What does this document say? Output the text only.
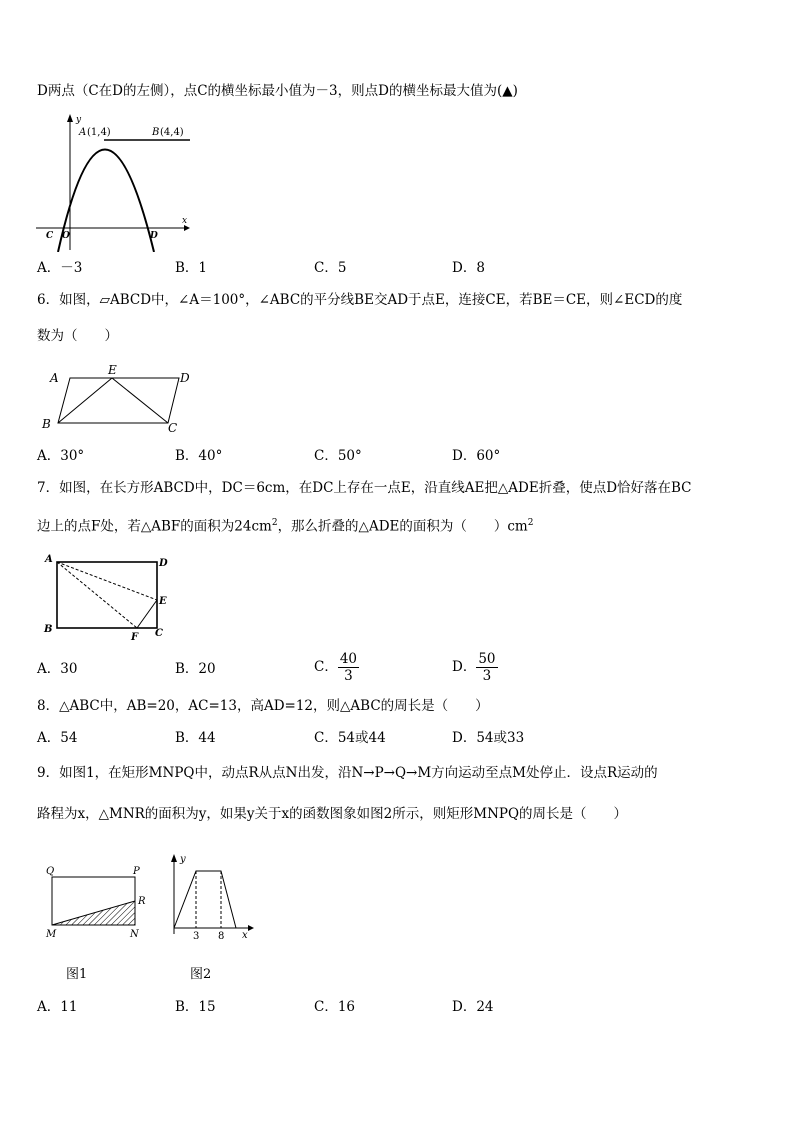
D两点（C在D的左侧），点C的横坐标最小值为－3，则点D的横坐标最大值为(▲)
y
x
A (1,4)	B (4,4)
C O	D
A．－3	B．1	C．5	D．8
6．如图，▱ABCD中，∠A＝100°，∠ABC的平分线BE交AD于点E，连接CE，若BE＝CE，则∠ECD的度
数为（　　）
A
E
D
B	C
A．30°	B．40°	C．50°	D．60°
7．如图，在长方形ABCD中，DC＝6cm，在DC上存在一点E，沿直线AE把△ADE折叠，使点D恰好落在BC
边上的点F处，若△ABF的面积为$24cm^2$，那么折叠的△ADE的面积为（　　）$cm^2$
A	D
E
B
F C
A．30	B．20	C． $\frac{40}{3}$	D． $\frac{50}{3}$
8．△ABC中，AB=20，AC=13，高AD=12，则△ABC的周长是（　　）
A．54	B．44	C．54或44	D．54或33
9．如图1，在矩形MNPQ中，动点R从点N出发，沿N→P→Q→M方向运动至点M处停止．设点R运动的
路程为x，△MNR的面积为y，如果y关于x的函数图象如图2所示，则矩形MNPQ的周长是（　　）
Q	P
R
M	N
y
x
3 8
图1	图2
A．11	B．15	C．16	D．24
